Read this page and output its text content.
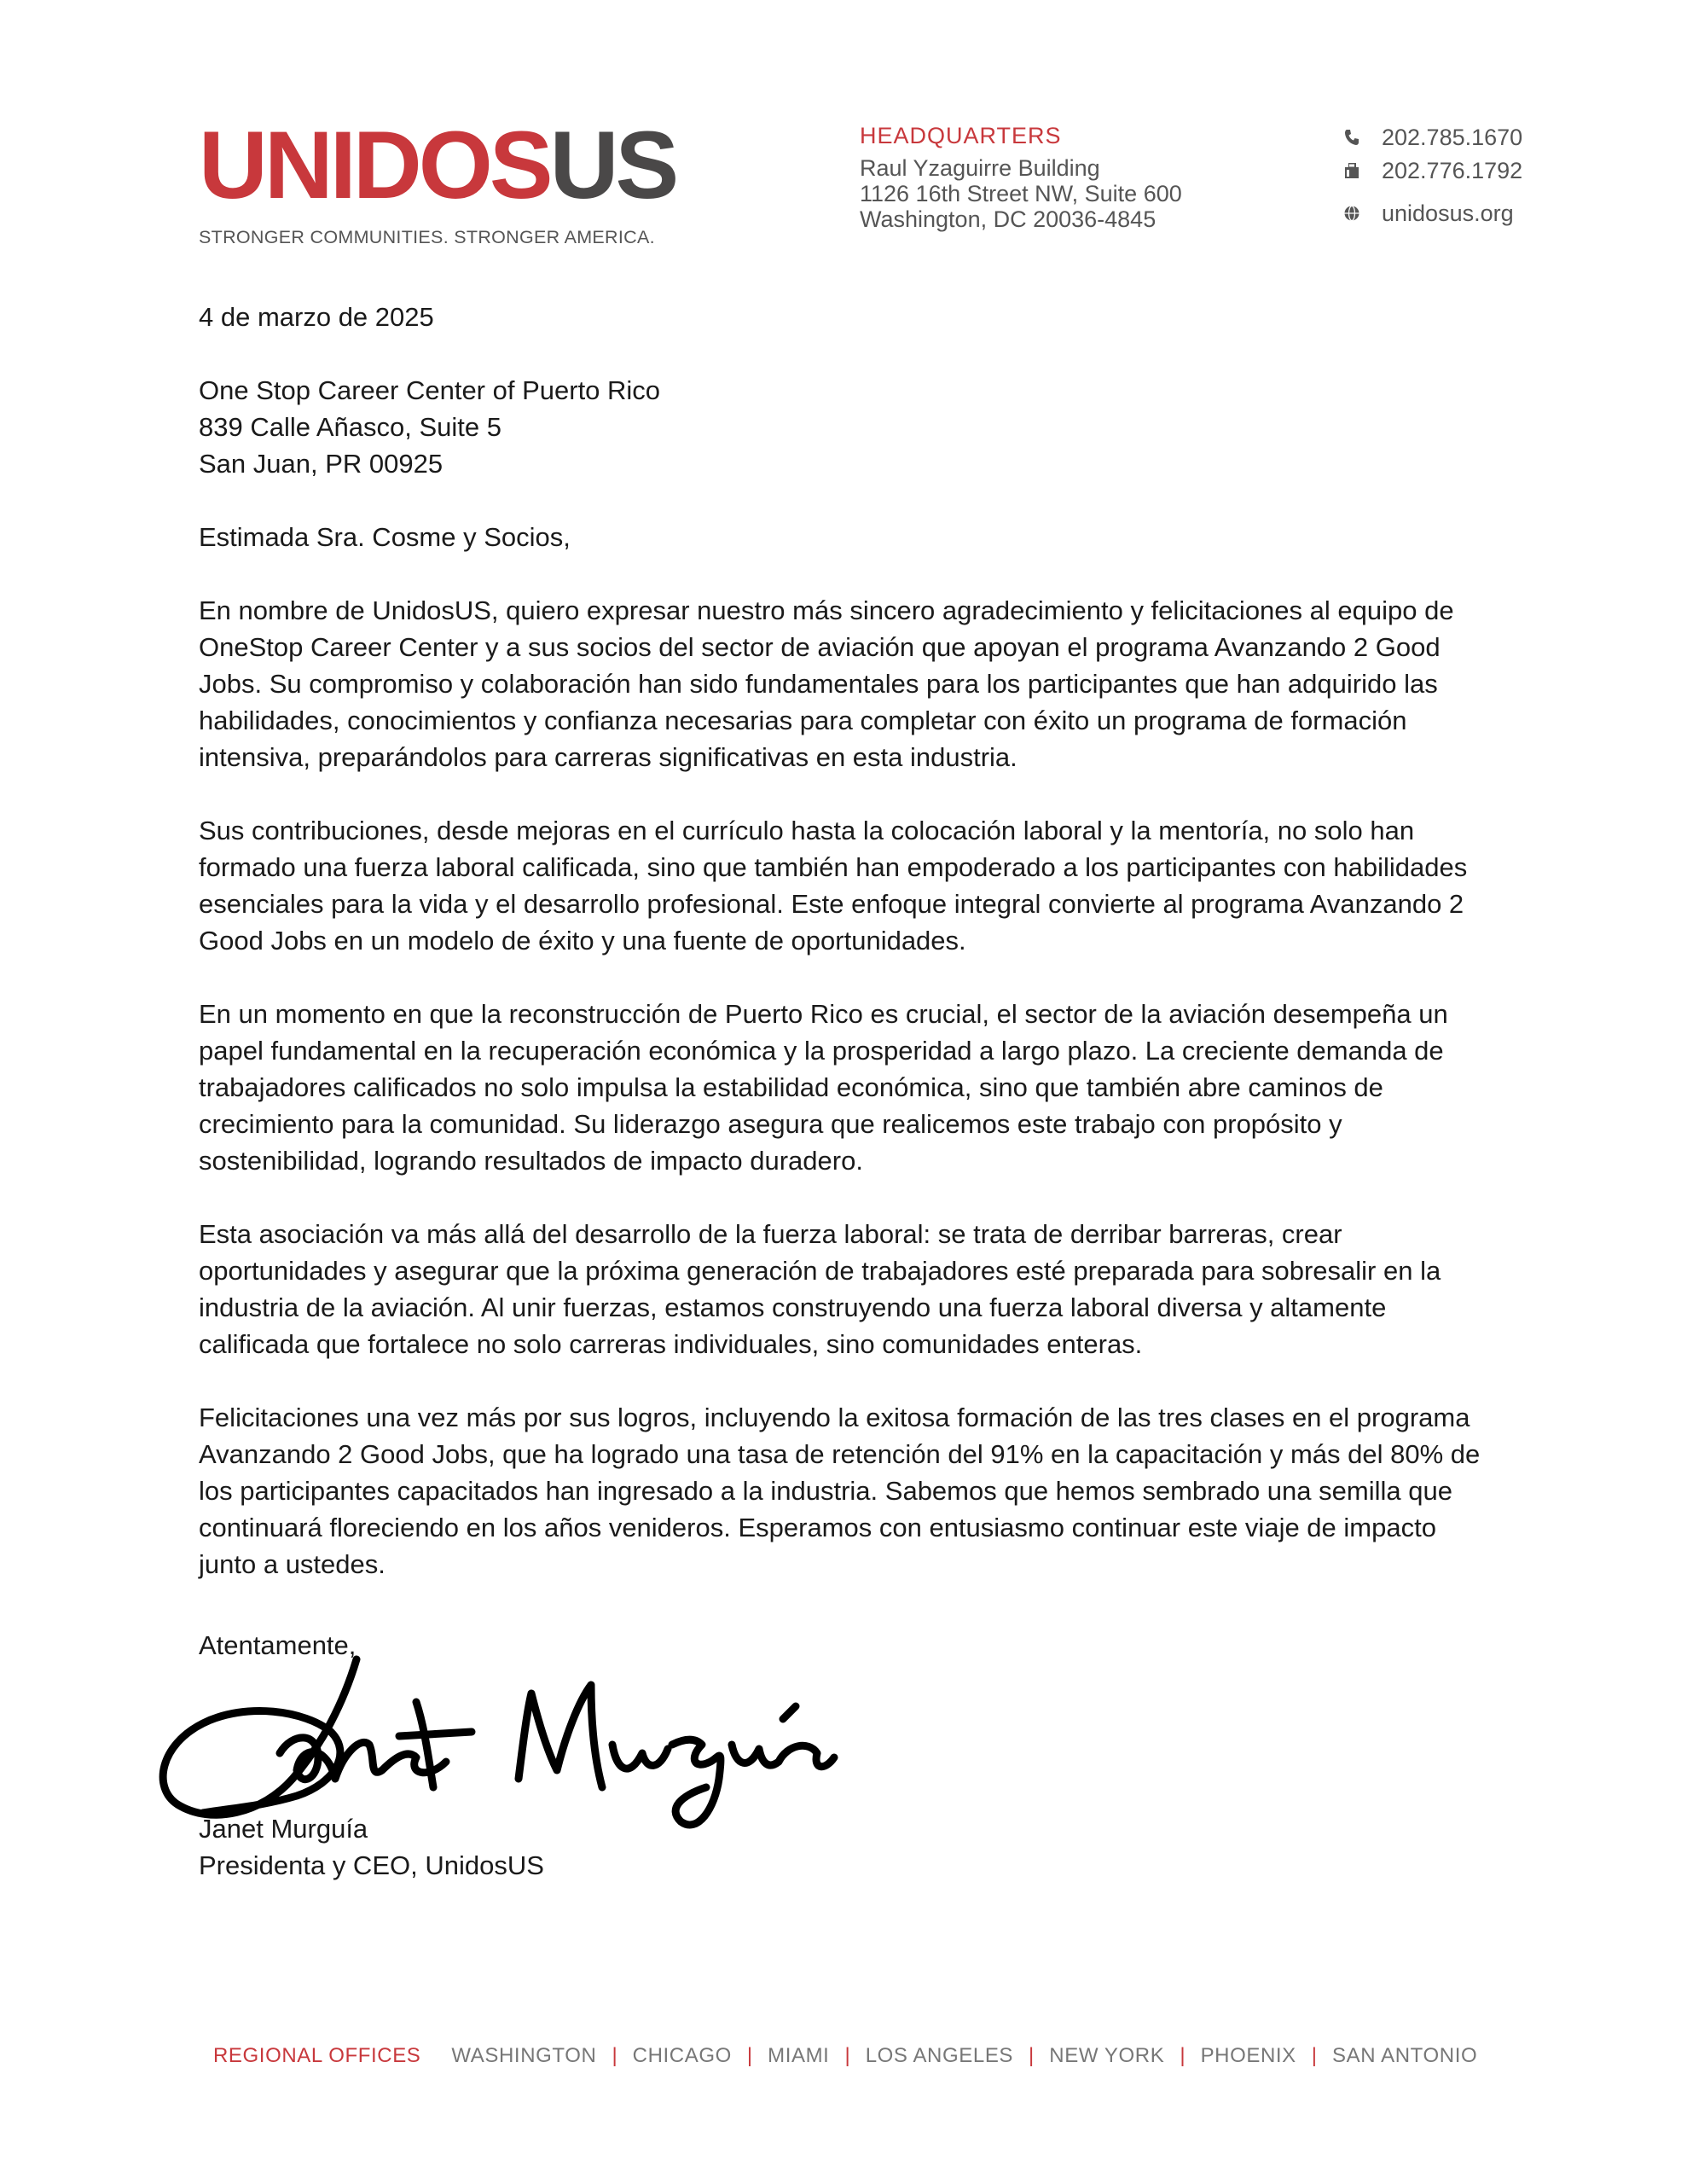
UNIDOSUS
STRONGER COMMUNITIES. STRONGER AMERICA.
HEADQUARTERS
Raul Yzaguirre Building
1126 16th Street NW, Suite 600
Washington, DC 20036-4845
202.785.1670
202.776.1792
unidosus.org

4 de marzo de 2025

One Stop Career Center of Puerto Rico
839 Calle Añasco, Suite 5
San Juan, PR 00925

Estimada Sra. Cosme y Socios,

En nombre de UnidosUS, quiero expresar nuestro más sincero agradecimiento y felicitaciones al equipo de OneStop Career Center y a sus socios del sector de aviación que apoyan el programa Avanzando 2 Good Jobs. Su compromiso y colaboración han sido fundamentales para los participantes que han adquirido las habilidades, conocimientos y confianza necesarias para completar con éxito un programa de formación intensiva, preparándolos para carreras significativas en esta industria.

Sus contribuciones, desde mejoras en el currículo hasta la colocación laboral y la mentoría, no solo han formado una fuerza laboral calificada, sino que también han empoderado a los participantes con habilidades esenciales para la vida y el desarrollo profesional. Este enfoque integral convierte al programa Avanzando 2 Good Jobs en un modelo de éxito y una fuente de oportunidades.

En un momento en que la reconstrucción de Puerto Rico es crucial, el sector de la aviación desempeña un papel fundamental en la recuperación económica y la prosperidad a largo plazo. La creciente demanda de trabajadores calificados no solo impulsa la estabilidad económica, sino que también abre caminos de crecimiento para la comunidad. Su liderazgo asegura que realicemos este trabajo con propósito y sostenibilidad, logrando resultados de impacto duradero.

Esta asociación va más allá del desarrollo de la fuerza laboral: se trata de derribar barreras, crear oportunidades y asegurar que la próxima generación de trabajadores esté preparada para sobresalir en la industria de la aviación. Al unir fuerzas, estamos construyendo una fuerza laboral diversa y altamente calificada que fortalece no solo carreras individuales, sino comunidades enteras.

Felicitaciones una vez más por sus logros, incluyendo la exitosa formación de las tres clases en el programa Avanzando 2 Good Jobs, que ha logrado una tasa de retención del 91% en la capacitación y más del 80% de los participantes capacitados han ingresado a la industria. Sabemos que hemos sembrado una semilla que continuará floreciendo en los años venideros. Esperamos con entusiasmo continuar este viaje de impacto junto a ustedes.

Atentamente,
Janet Murguía
Presidenta y CEO, UnidosUS
REGIONAL OFFICES WASHINGTON | CHICAGO | MIAMI | LOS ANGELES | NEW YORK | PHOENIX | SAN ANTONIO
